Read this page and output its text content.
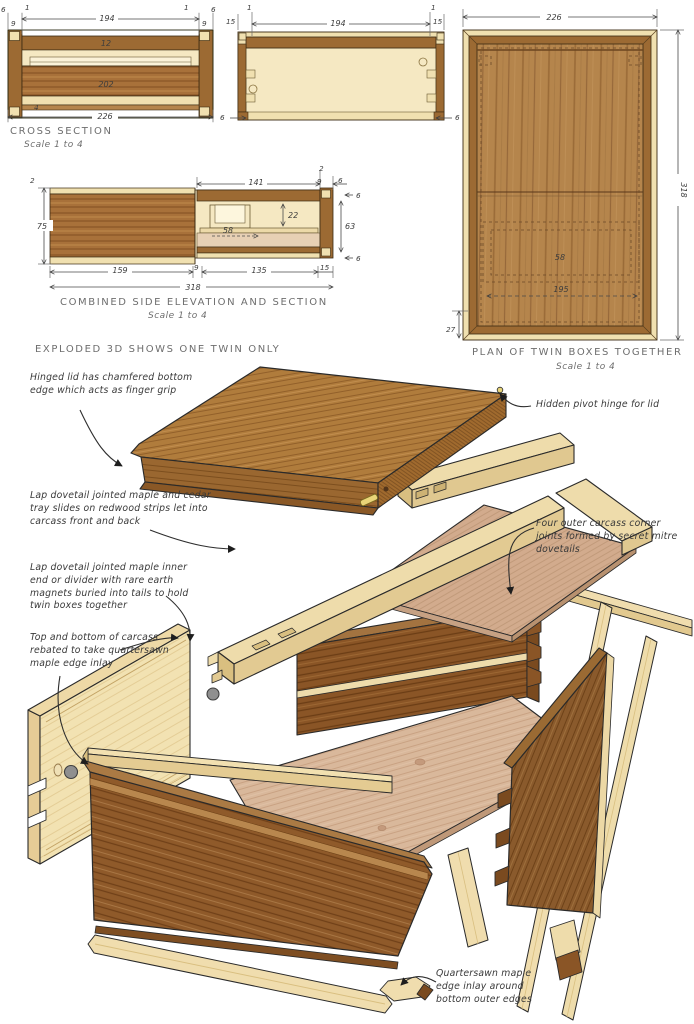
194
6
9
1	1
9
6
12
202
4
226
194
1	1
15	15
6	6
58
195
226
318
27
2	141
2
9 6
75
22
58	63
6
6
159	9	135	15
318
CROSS SECTION
Scale 1 to 4
PLAN OF TWIN BOXES TOGETHER
Scale 1 to 4
COMBINED SIDE ELEVATION AND SECTION
Scale 1 to 4
EXPLODED 3D SHOWS ONE TWIN ONLY
Hinged lid has chamfered bottom edge which acts as finger grip
Hidden pivot hinge for lid
Lap dovetail jointed maple and cedar tray slides on redwood strips let into carcass front and back	Four outer carcass corner joints formed by secret mitre dovetails
Lap dovetail jointed maple inner end or divider with rare earth magnets buried into tails to hold twin boxes together
Top and bottom of carcass rebated to take quartersawn maple edge inlay
Quartersawn maple edge inlay around bottom outer edges
